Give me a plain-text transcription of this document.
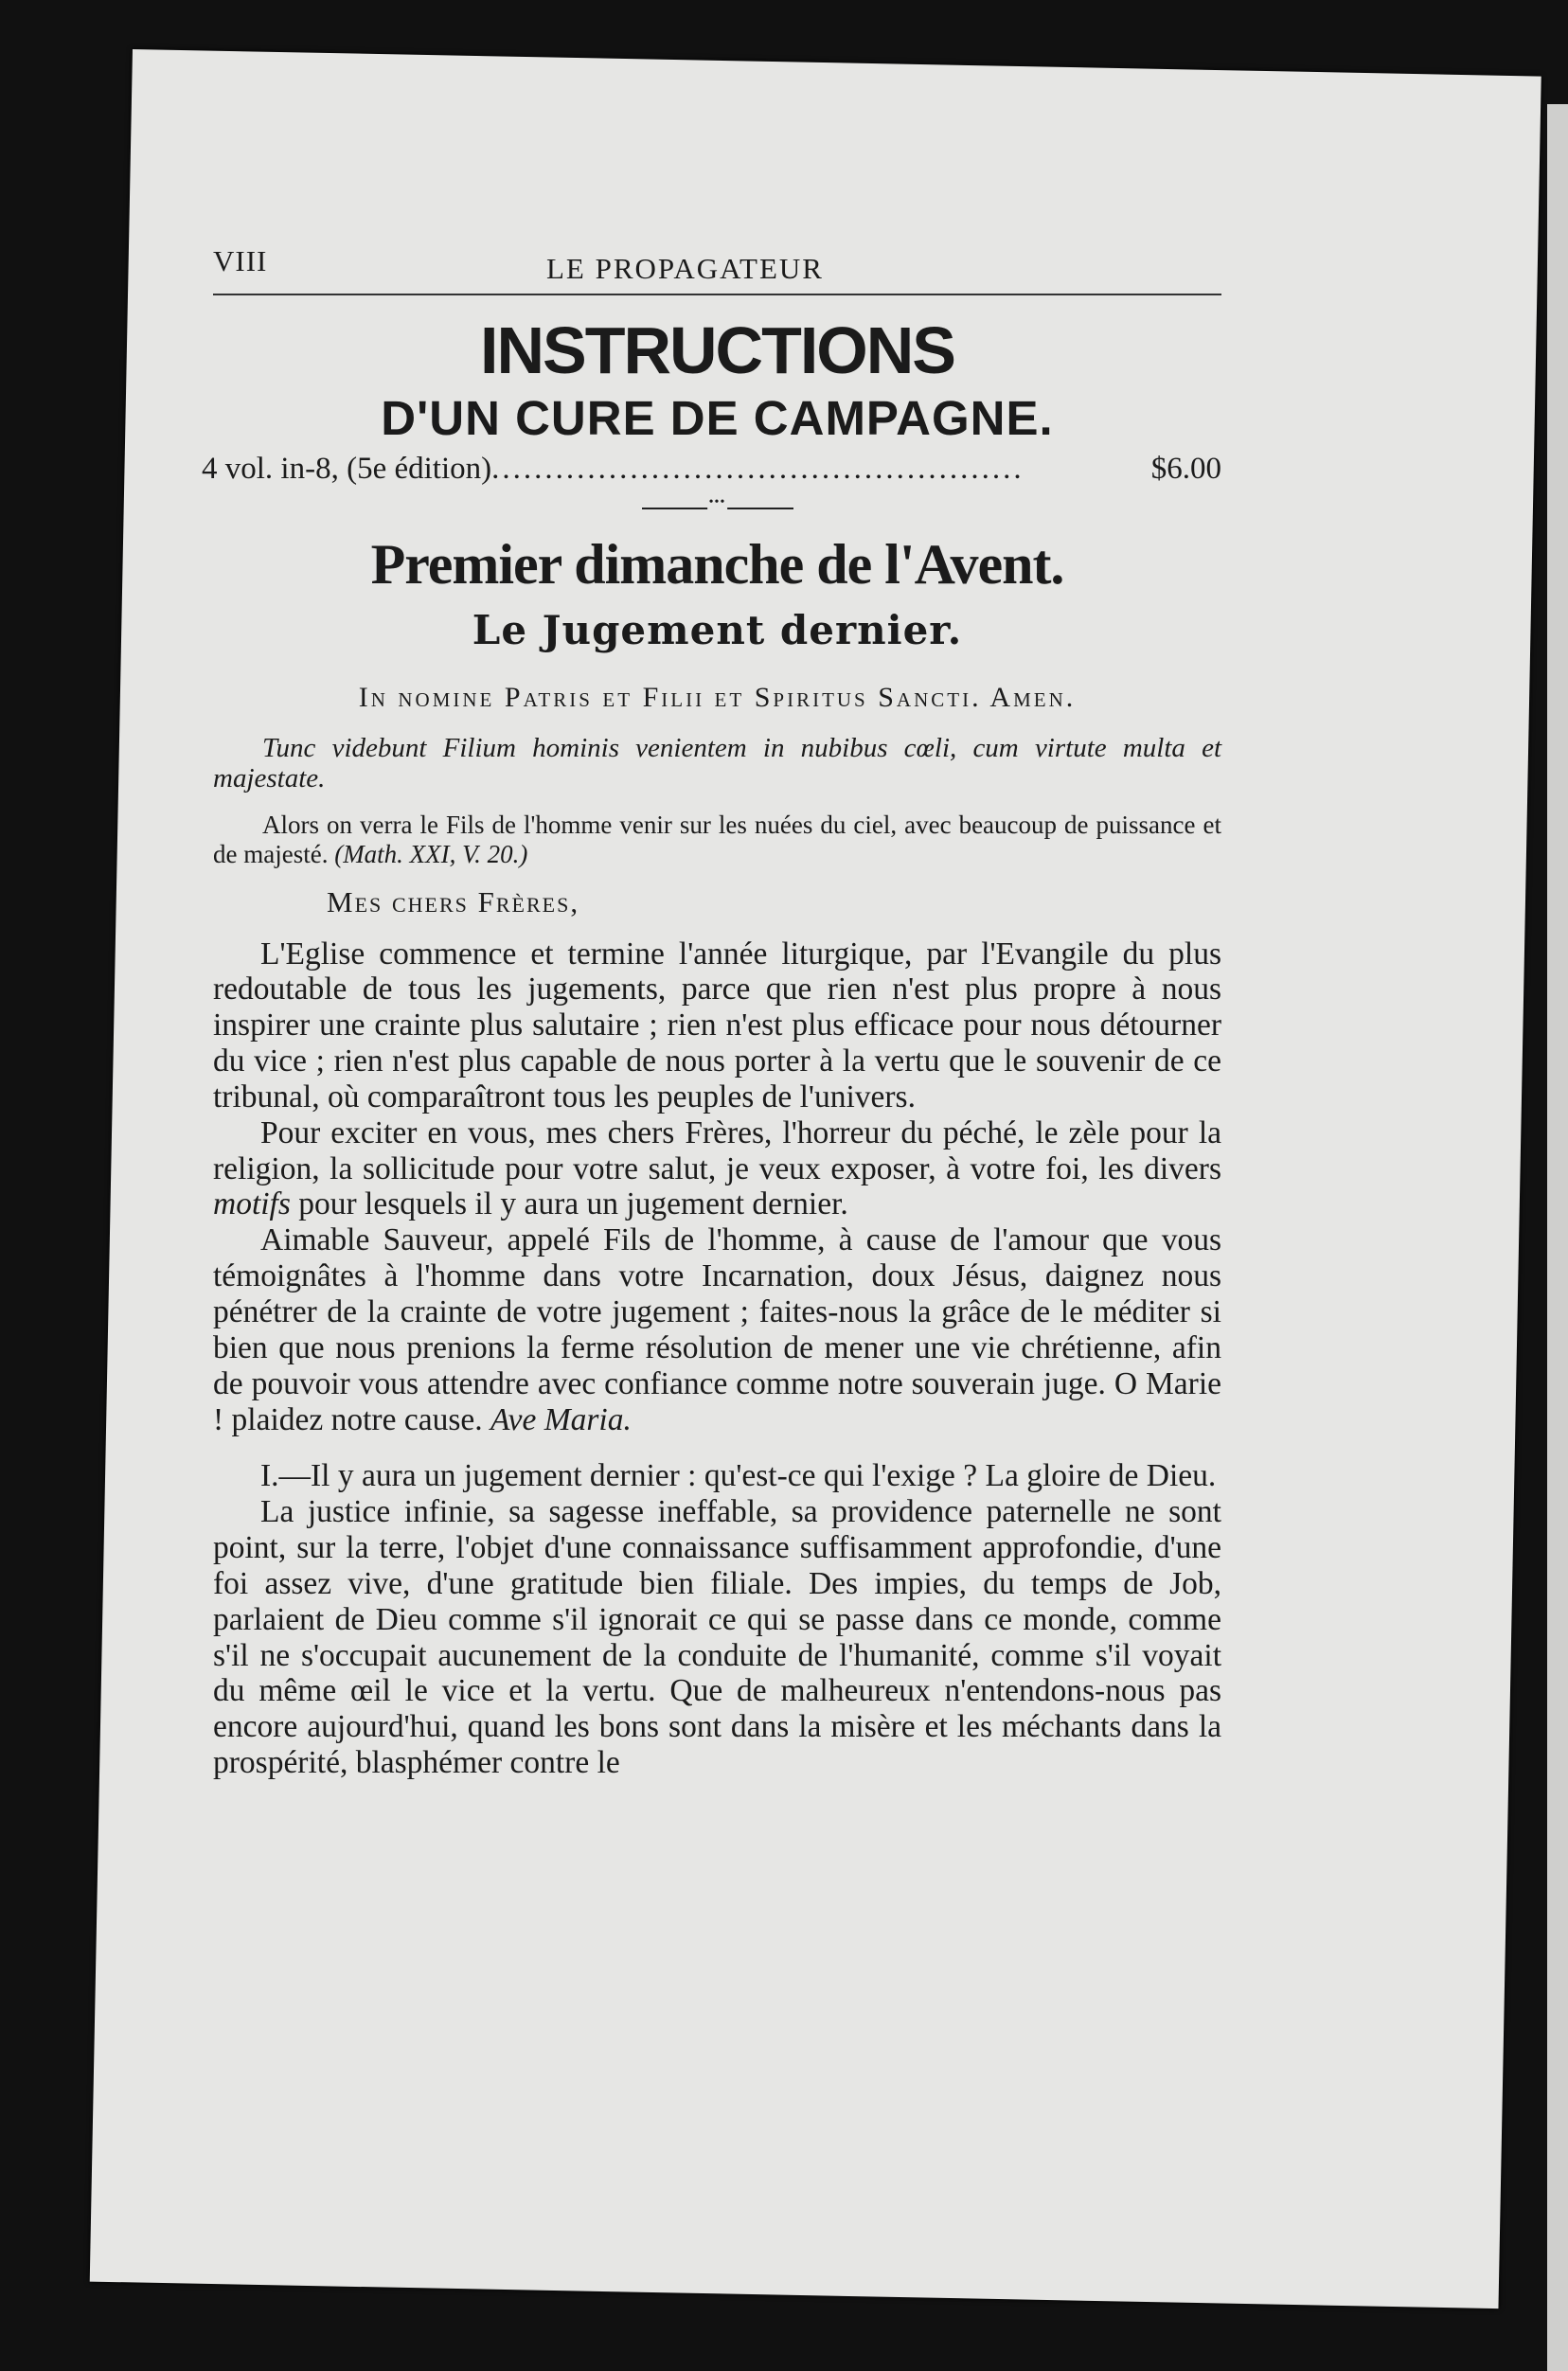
VIII	LE PROPAGATEUR
INSTRUCTIONS
D'UN CURE DE CAMPAGNE.
4 vol. in-8, (5e édition) ..................................................	$6.00
•••
Premier dimanche de l'Avent.
Le Jugement dernier.
In nomine Patris et Filii et Spiritus Sancti. Amen.
Tunc videbunt Filium hominis venientem in nubibus cœli, cum virtute multa et majestate.
Alors on verra le Fils de l'homme venir sur les nuées du ciel, avec beaucoup de puissance et de majesté. (Math. XXI, V. 20.)
Mes chers Frères,

L'Eglise commence et termine l'année liturgique, par l'Evangile du plus redoutable de tous les jugements, parce que rien n'est plus propre à nous inspirer une crainte plus salutaire ; rien n'est plus efficace pour nous détourner du vice ; rien n'est plus capable de nous porter à la vertu que le souvenir de ce tribunal, où comparaîtront tous les peuples de l'univers.

Pour exciter en vous, mes chers Frères, l'horreur du péché, le zèle pour la religion, la sollicitude pour votre salut, je veux exposer, à votre foi, les divers motifs pour lesquels il y aura un jugement dernier.

Aimable Sauveur, appelé Fils de l'homme, à cause de l'amour que vous témoignâtes à l'homme dans votre Incarnation, doux Jésus, daignez nous pénétrer de la crainte de votre jugement ; faites-nous la grâce de le méditer si bien que nous prenions la ferme résolution de mener une vie chrétienne, afin de pouvoir vous attendre avec confiance comme notre souverain juge. O Marie ! plaidez notre cause. Ave Maria.

I.—Il y aura un jugement dernier : qu'est-ce qui l'exige ? La gloire de Dieu.

La justice infinie, sa sagesse ineffable, sa providence paternelle ne sont point, sur la terre, l'objet d'une connaissance suffisamment approfondie, d'une foi assez vive, d'une gratitude bien filiale. Des impies, du temps de Job, parlaient de Dieu comme s'il ignorait ce qui se passe dans ce monde, comme s'il ne s'occupait aucunement de la conduite de l'humanité, comme s'il voyait du même œil le vice et la vertu. Que de malheureux n'entendons-nous pas encore aujourd'hui, quand les bons sont dans la misère et les méchants dans la prospérité, blasphémer contre le
